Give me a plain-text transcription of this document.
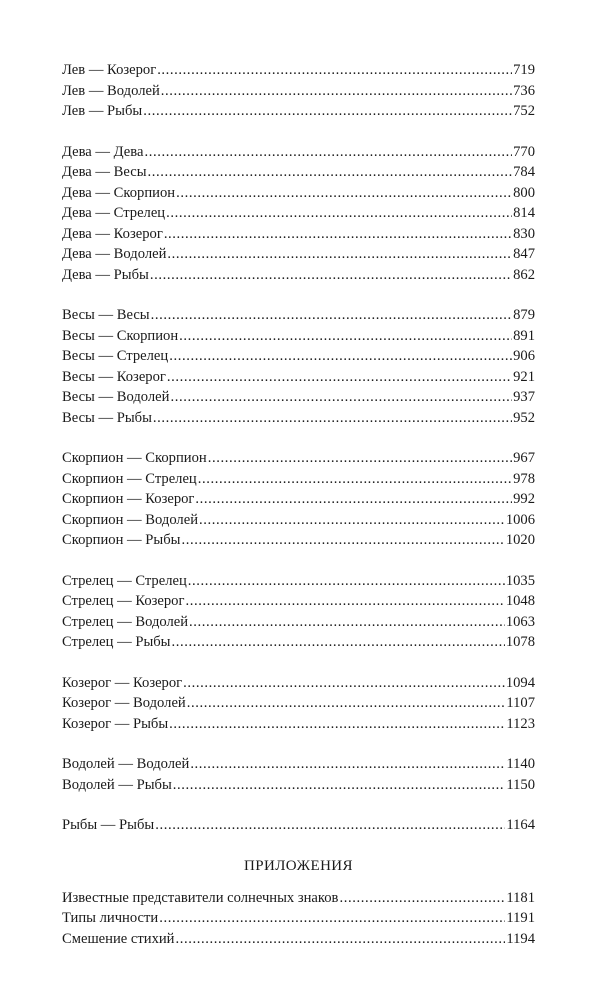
Лев — Козерог .....	719
Лев — Водолей .....	736
Лев — Рыбы .....	752
Дева — Дева .....	770
Дева — Весы .....	784
Дева — Скорпион .....	800
Дева — Стрелец .....	814
Дева — Козерог .....	830
Дева — Водолей .....	847
Дева — Рыбы .....	862
Весы — Весы .....	879
Весы — Скорпион .....	891
Весы — Стрелец .....	906
Весы — Козерог .....	921
Весы — Водолей .....	937
Весы — Рыбы .....	952
Скорпион — Скорпион .....	967
Скорпион — Стрелец .....	978
Скорпион — Козерог .....	992
Скорпион — Водолей .....	1006
Скорпион — Рыбы .....	1020
Стрелец — Стрелец .....	1035
Стрелец — Козерог .....	1048
Стрелец — Водолей .....	1063
Стрелец — Рыбы .....	1078
Козерог — Козерог .....	1094
Козерог — Водолей .....	1107
Козерог — Рыбы .....	1123
Водолей — Водолей .....	1140
Водолей — Рыбы .....	1150
Рыбы — Рыбы .....	1164
ПРИЛОЖЕНИЯ
Известные представители солнечных знаков .....	1181
Типы личности .....	1191
Смешение стихий .....	1194
